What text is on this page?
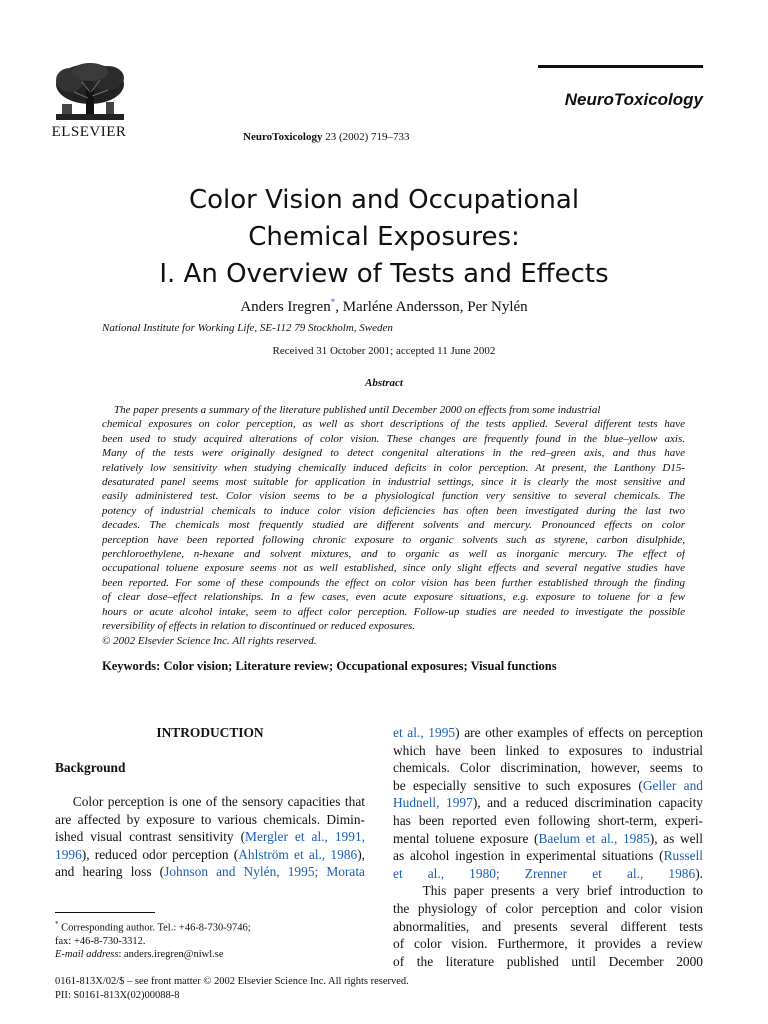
ELSEVIER	NeuroToxicology 23 (2002) 719–733
NeuroToxicology
Color Vision and Occupational
Chemical Exposures:
I. An Overview of Tests and Effects
Anders Iregren*, Marléne Andersson, Per Nylén
National Institute for Working Life, SE-112 79 Stockholm, Sweden
Received 31 October 2001; accepted 11 June 2002
Abstract
The paper presents a summary of the literature published until December 2000 on effects from some industrial
chemical exposures on color perception, as well as short descriptions of the tests applied. Several different tests have
been used to study acquired alterations of color vision. These changes are frequently found in the blue–yellow axis.
Many of the tests were originally designed to detect congenital alterations in the red–green axis, and thus have
relatively low sensitivity when studying chemically induced deficits in color perception. At present, the Lanthony D15-
desaturated panel seems most suitable for application in industrial settings, since it is clearly the most sensitive and
easily administered test. Color vision seems to be a physiological function very sensitive to several chemicals. The
potency of industrial chemicals to induce color vision deficiencies has often been investigated during the last two
decades. The chemicals most frequently studied are different solvents and mercury. Pronounced effects on color
perception have been reported following chronic exposure to organic solvents such as styrene, carbon disulphide,
perchloroethylene, n-hexane and solvent mixtures, and to organic as well as inorganic mercury. The effect of
occupational toluene exposure seems not as well established, since only slight effects and several negative studies have
been reported. For some of these compounds the effect on color vision has been further established through the finding
of clear dose–effect relationships. In a few cases, even acute exposure situations, e.g. exposure to toluene for a few
hours or acute alcohol intake, seem to affect color perception. Follow-up studies are needed to investigate the possible
reversibility of effects in relation to discontinued or reduced exposures.
© 2002 Elsevier Science Inc. All rights reserved.
Keywords: Color vision; Literature review; Occupational exposures; Visual functions
INTRODUCTION
Background
Color perception is one of the sensory capacities that
are affected by exposure to various chemicals. Dimin-
ished visual contrast sensitivity (Mergler et al., 1991,
1996), reduced odor perception (Ahlström et al., 1986),
and hearing loss (Johnson and Nylén, 1995; Morata
et al., 1995) are other examples of effects on perception
which have been linked to exposures to industrial
chemicals. Color discrimination, however, seems to
be especially sensitive to such exposures (Geller and
Hudnell, 1997), and a reduced discrimination capacity
has been reported even following short-term, experi-
mental toluene exposure (Baelum et al., 1985), as well
as alcohol ingestion in experimental situations (Russell
et al., 1980; Zrenner et al., 1986).
This paper presents a very brief introduction to
the physiology of color perception and color vision
abnormalities, and presents several different tests
of color vision. Furthermore, it provides a review
of the literature published until December 2000
* Corresponding author. Tel.: +46-8-730-9746;
fax: +46-8-730-3312.
E-mail address: anders.iregren@niwl.se
0161-813X/02/$ – see front matter © 2002 Elsevier Science Inc. All rights reserved.
PII: S0161-813X(02)00088-8
